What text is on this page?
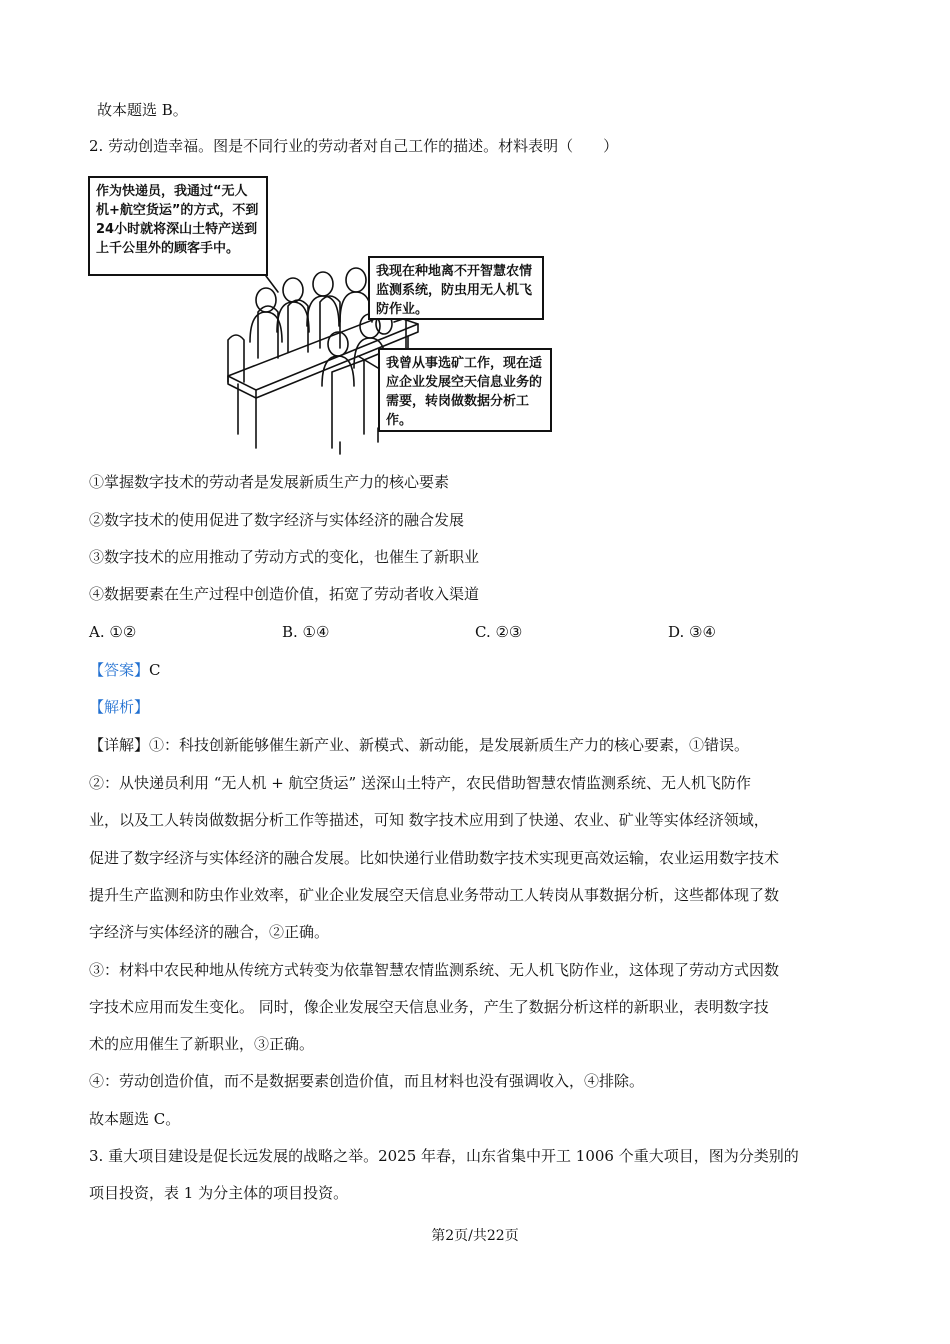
故本题选 B。
2. 劳动创造幸福。图是不同行业的劳动者对自己工作的描述。材料表明（　　）
作为快递员，我通过“无人机+航空货运”的方式，不到24小时就将深山土特产送到上千公里外的顾客手中。
我现在种地离不开智慧农情监测系统，防虫用无人机飞防作业。
我曾从事选矿工作，现在适应企业发展空天信息业务的需要，转岗做数据分析工作。
①掌握数字技术的劳动者是发展新质生产力的核心要素
②数字技术的使用促进了数字经济与实体经济的融合发展
③数字技术的应用推动了劳动方式的变化，也催生了新职业
④数据要素在生产过程中创造价值，拓宽了劳动者收入渠道
A. ①②	B. ①④	C. ②③	D. ③④
【答案】C
【解析】
【详解】①：科技创新能够催生新产业、新模式、新动能，是发展新质生产力的核心要素，①错误。
②：从快递员利用 “无人机 + 航空货运” 送深山土特产，农民借助智慧农情监测系统、无人机飞防作
业，以及工人转岗做数据分析工作等描述，可知 数字技术应用到了快递、农业、矿业等实体经济领域，
促进了数字经济与实体经济的融合发展。比如快递行业借助数字技术实现更高效运输，农业运用数字技术
提升生产监测和防虫作业效率，矿业企业发展空天信息业务带动工人转岗从事数据分析，这些都体现了数
字经济与实体经济的融合，②正确。
③：材料中农民种地从传统方式转变为依靠智慧农情监测系统、无人机飞防作业，这体现了劳动方式因数
字技术应用而发生变化。 同时，像企业发展空天信息业务，产生了数据分析这样的新职业，表明数字技
术的应用催生了新职业，③正确。
④：劳动创造价值，而不是数据要素创造价值，而且材料也没有强调收入，④排除。
故本题选 C。
3. 重大项目建设是促长远发展的战略之举。2025 年春，山东省集中开工 1006 个重大项目，图为分类别的
项目投资，表 1 为分主体的项目投资。
第2页/共22页
